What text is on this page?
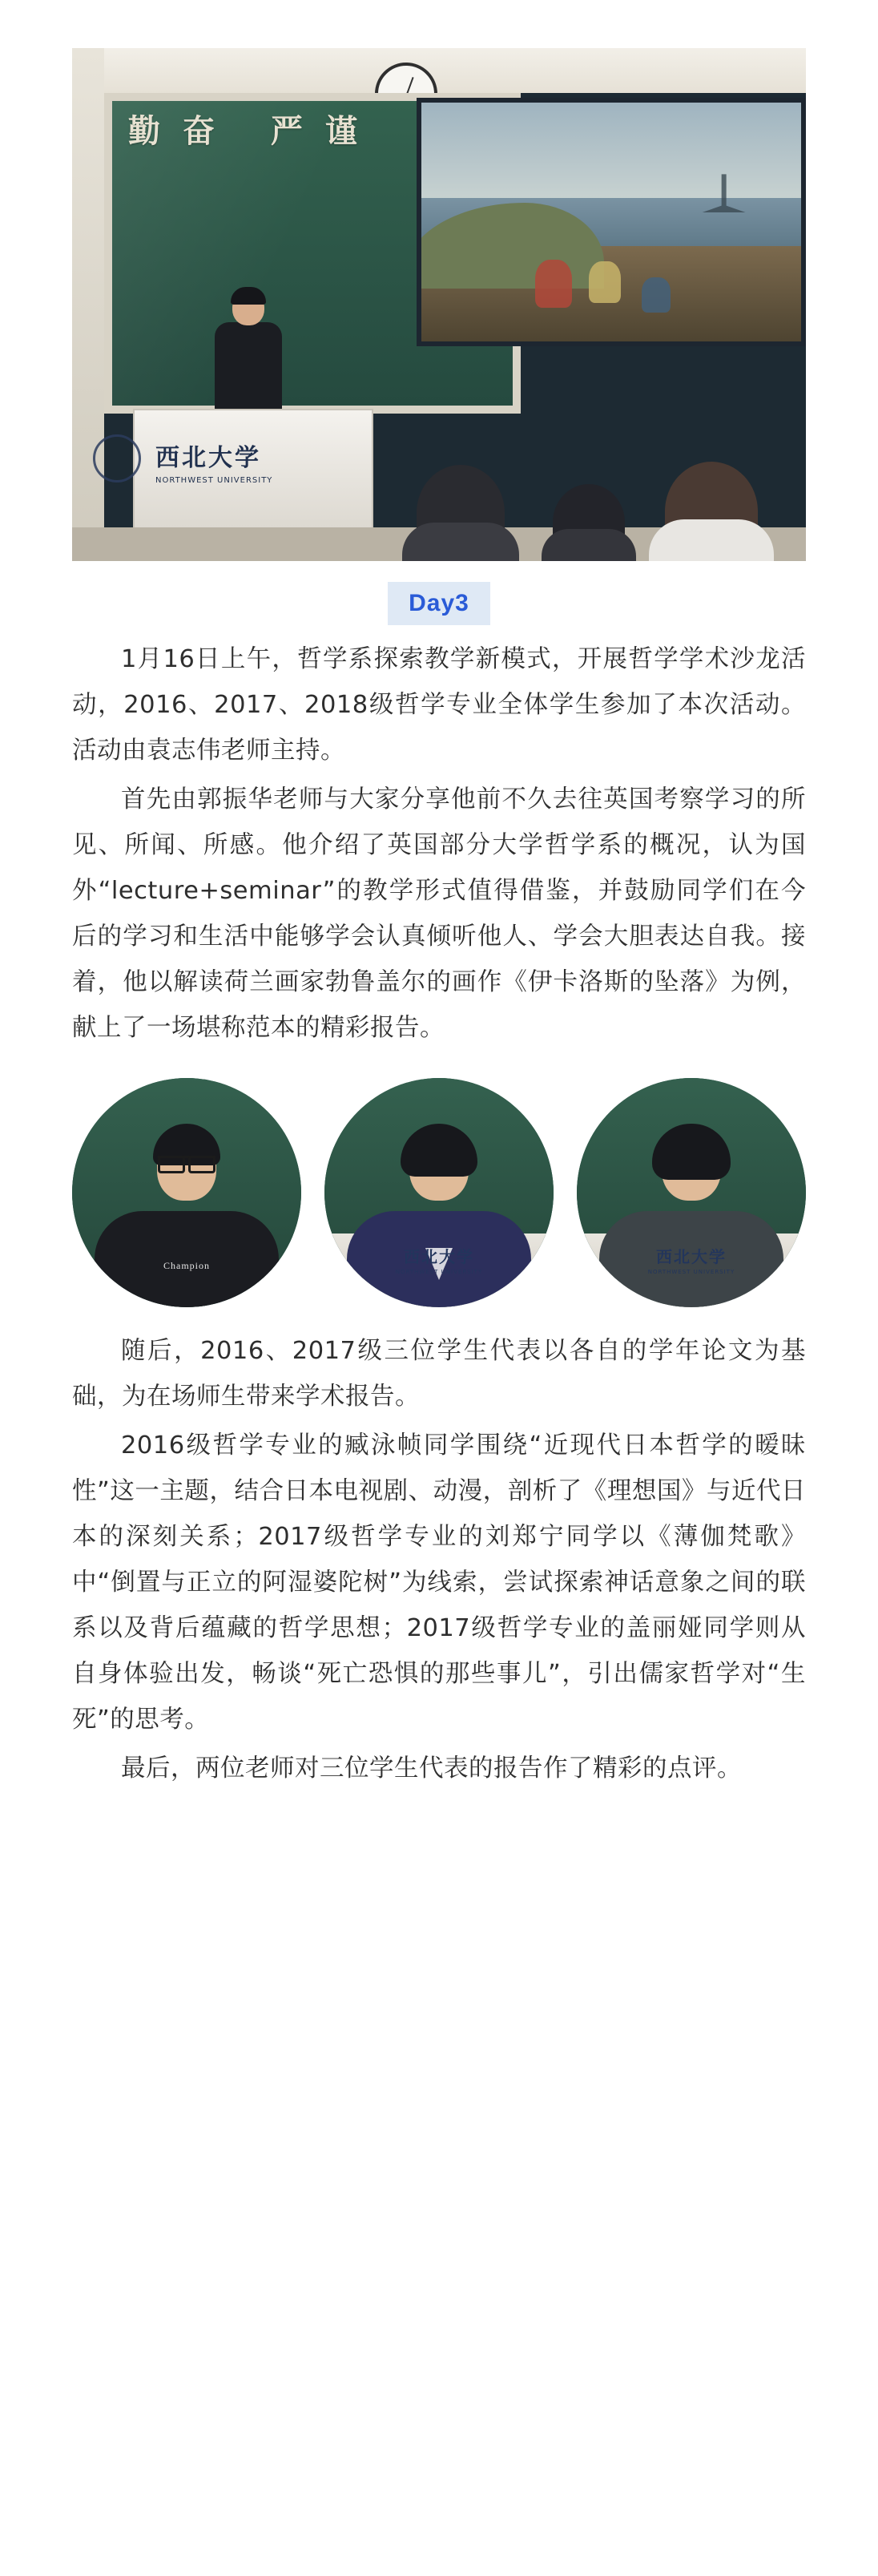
勤奋 严谨
西北大学
NORTHWEST UNIVERSITY
Day3

1月16日上午，哲学系探索教学新模式，开展哲学学术沙龙活动，2016、2017、2018级哲学专业全体学生参加了本次活动。活动由袁志伟老师主持。

首先由郭振华老师与大家分享他前不久去往英国考察学习的所见、所闻、所感。他介绍了英国部分大学哲学系的概况，认为国外“lecture+seminar”的教学形式值得借鉴，并鼓励同学们在今后的学习和生活中能够学会认真倾听他人、学会大胆表达自我。接着，他以解读荷兰画家勃鲁盖尔的画作《伊卡洛斯的坠落》为例，献上了一场堪称范本的精彩报告。

Champion	西北大学
NORTHWEST UNIVERSITY
西北大学
NORTHWEST UNIVERSITY

随后，2016、2017级三位学生代表以各自的学年论文为基础，为在场师生带来学术报告。

2016级哲学专业的臧泳帧同学围绕“近现代日本哲学的暧昧性”这一主题，结合日本电视剧、动漫，剖析了《理想国》与近代日本的深刻关系；2017级哲学专业的刘郑宁同学以《薄伽梵歌》中“倒置与正立的阿湿婆陀树”为线索，尝试探索神话意象之间的联系以及背后蕴藏的哲学思想；2017级哲学专业的盖丽娅同学则从自身体验出发，畅谈“死亡恐惧的那些事儿”，引出儒家哲学对“生死”的思考。

最后，两位老师对三位学生代表的报告作了精彩的点评。
